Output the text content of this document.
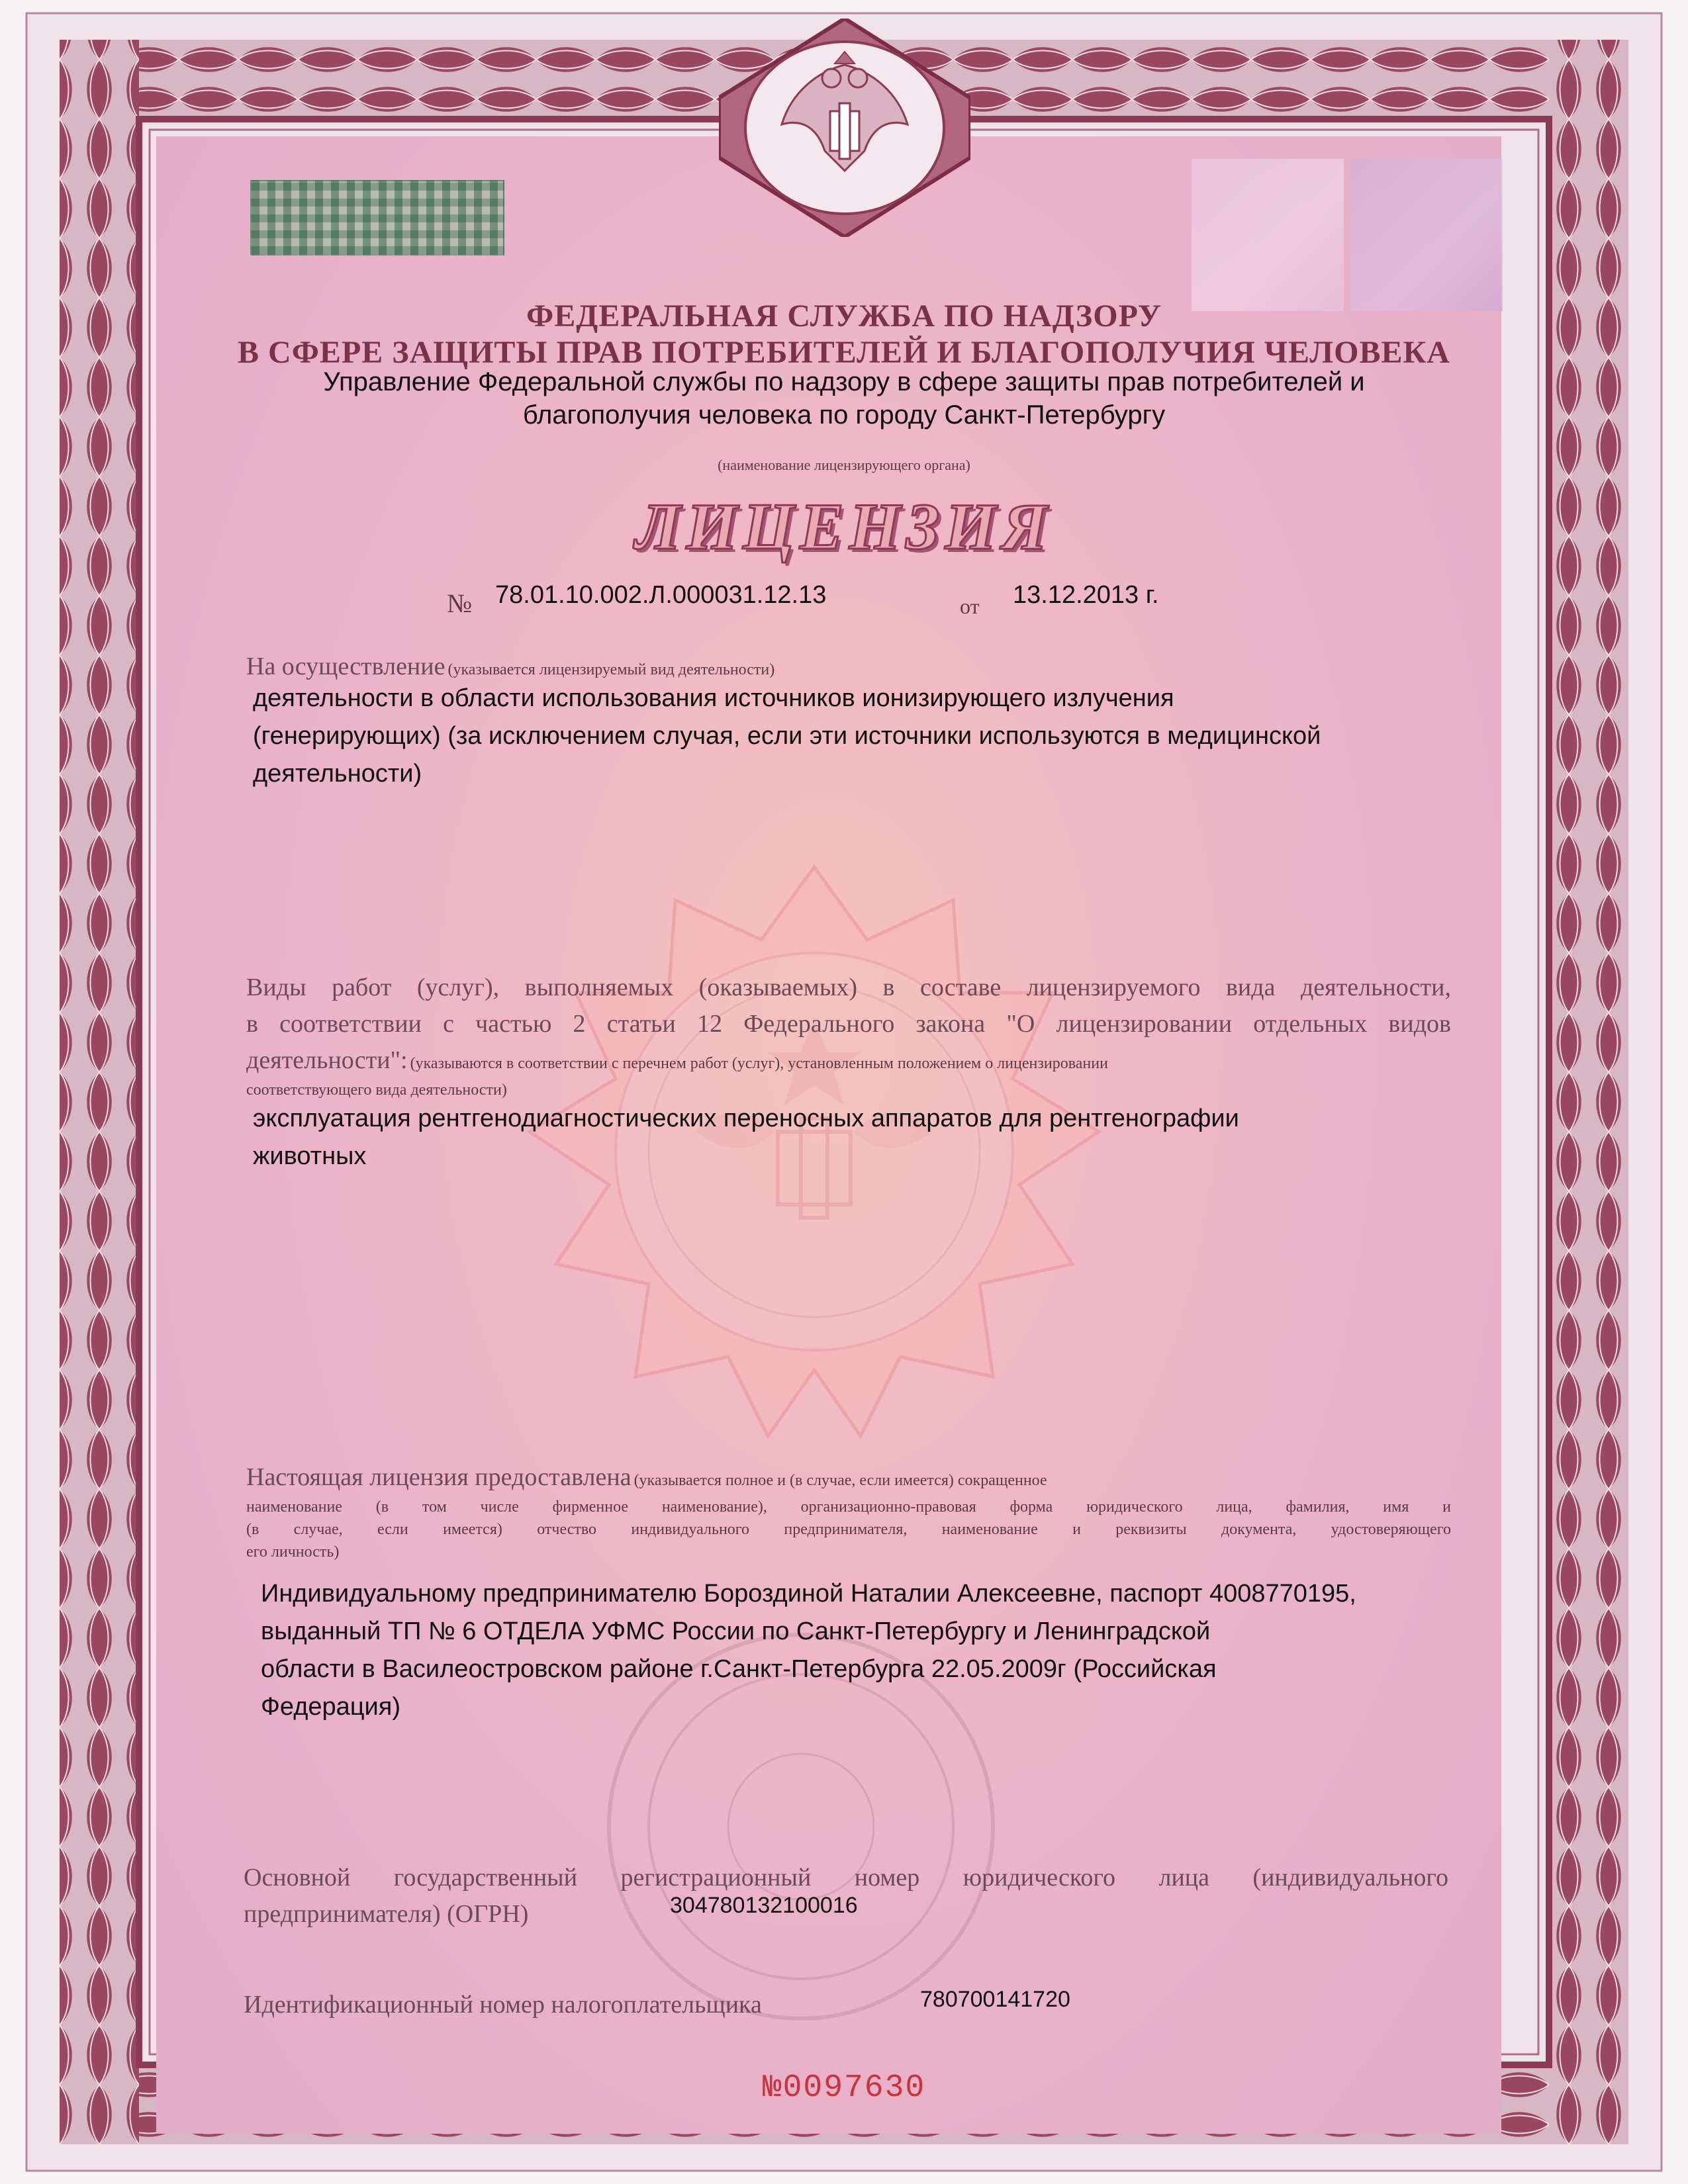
ФЕДЕРАЛЬНАЯ СЛУЖБА ПО НАДЗОРУ
В СФЕРЕ ЗАЩИТЫ ПРАВ ПОТРЕБИТЕЛЕЙ И БЛАГОПОЛУЧИЯ ЧЕЛОВЕКА
Управление Федеральной службы по надзору в сфере защиты прав потребителей и
благополучия человека по городу Санкт-Петербургу
(наименование лицензирующего органа)
ЛИЦЕНЗИЯ
№ 78.01.10.002.Л.000031.12.13	от 13.12.2013 г.
На осуществление (указывается лицензируемый вид деятельности)
деятельности в области использования источников ионизирующего излучения
(генерирующих) (за исключением случая, если эти источники используются в медицинской
деятельности)
Виды работ (услуг), выполняемых (оказываемых) в составе лицензируемого вида деятельности,
в соответствии с частью 2 статьи 12 Федерального закона "О лицензировании отдельных видов
деятельности": (указываются в соответствии с перечнем работ (услуг), установленным положением о лицензировании
соответствующего вида деятельности)
эксплуатация рентгенодиагностических переносных аппаратов для рентгенографии
животных
Настоящая лицензия предоставлена (указывается полное и (в случае, если имеется) сокращенное
наименование (в том числе фирменное наименование), организационно-правовая форма юридического лица, фамилия, имя и
(в случае, если имеется) отчество индивидуального предпринимателя, наименование и реквизиты документа, удостоверяющего
его личность)
Индивидуальному предпринимателю Бороздиной Наталии Алексеевне, паспорт 4008770195,
выданный ТП № 6 ОТДЕЛА УФМС России по Санкт-Петербургу и Ленинградской
области в Василеостровском районе г.Санкт-Петербурга 22.05.2009г (Российская
Федерация)
Основной государственный регистрационный номер юридического лица (индивидуального
предпринимателя) (ОГРН)	304780132100016
Идентификационный номер налогоплательщика	780700141720
№0097630
